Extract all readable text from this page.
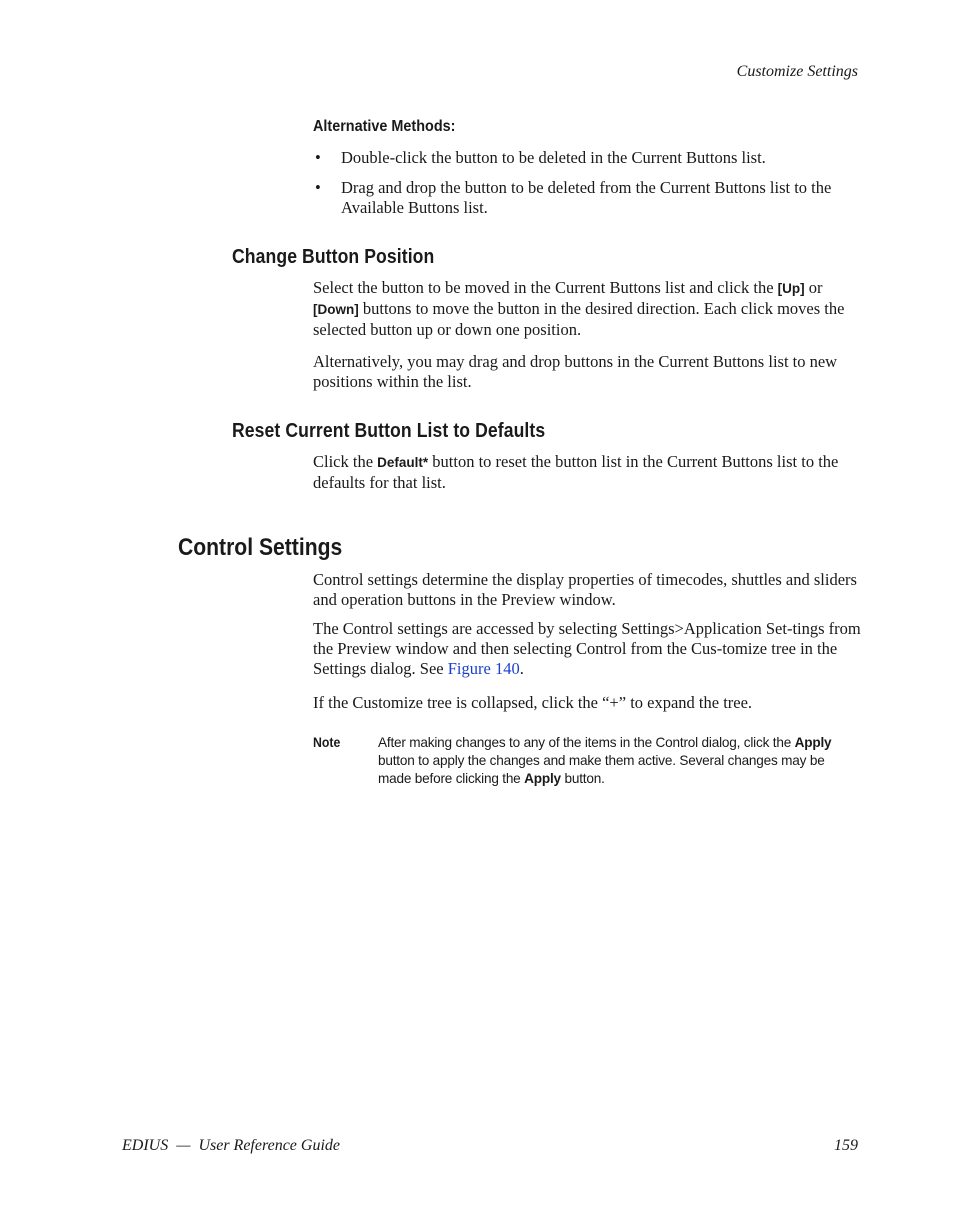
Customize Settings
Alternative Methods:
• Double-click the button to be deleted in the Current Buttons list.
• Drag and drop the button to be deleted from the Current Buttons list to the Available Buttons list.
Change Button Position

Select the button to be moved in the Current Buttons list and click the [Up] or [Down] buttons to move the button in the desired direction. Each click moves the selected button up or down one position.

Alternatively, you may drag and drop buttons in the Current Buttons list to new positions within the list.

Reset Current Button List to Defaults

Click the Default* button to reset the button list in the Current Buttons list to the defaults for that list.

Control Settings

Control settings determine the display properties of timecodes, shuttles and sliders and operation buttons in the Preview window.

The Control settings are accessed by selecting Settings>Application Set-tings from the Preview window and then selecting Control from the Cus-tomize tree in the Settings dialog. See Figure 140.

If the Customize tree is collapsed, click the “+” to expand the tree.

Note	After making changes to any of the items in the Control dialog, click the Apply button to apply the changes and make them active. Several changes may be made before clicking the Apply button.
EDIUS  —  User Reference Guide	159
